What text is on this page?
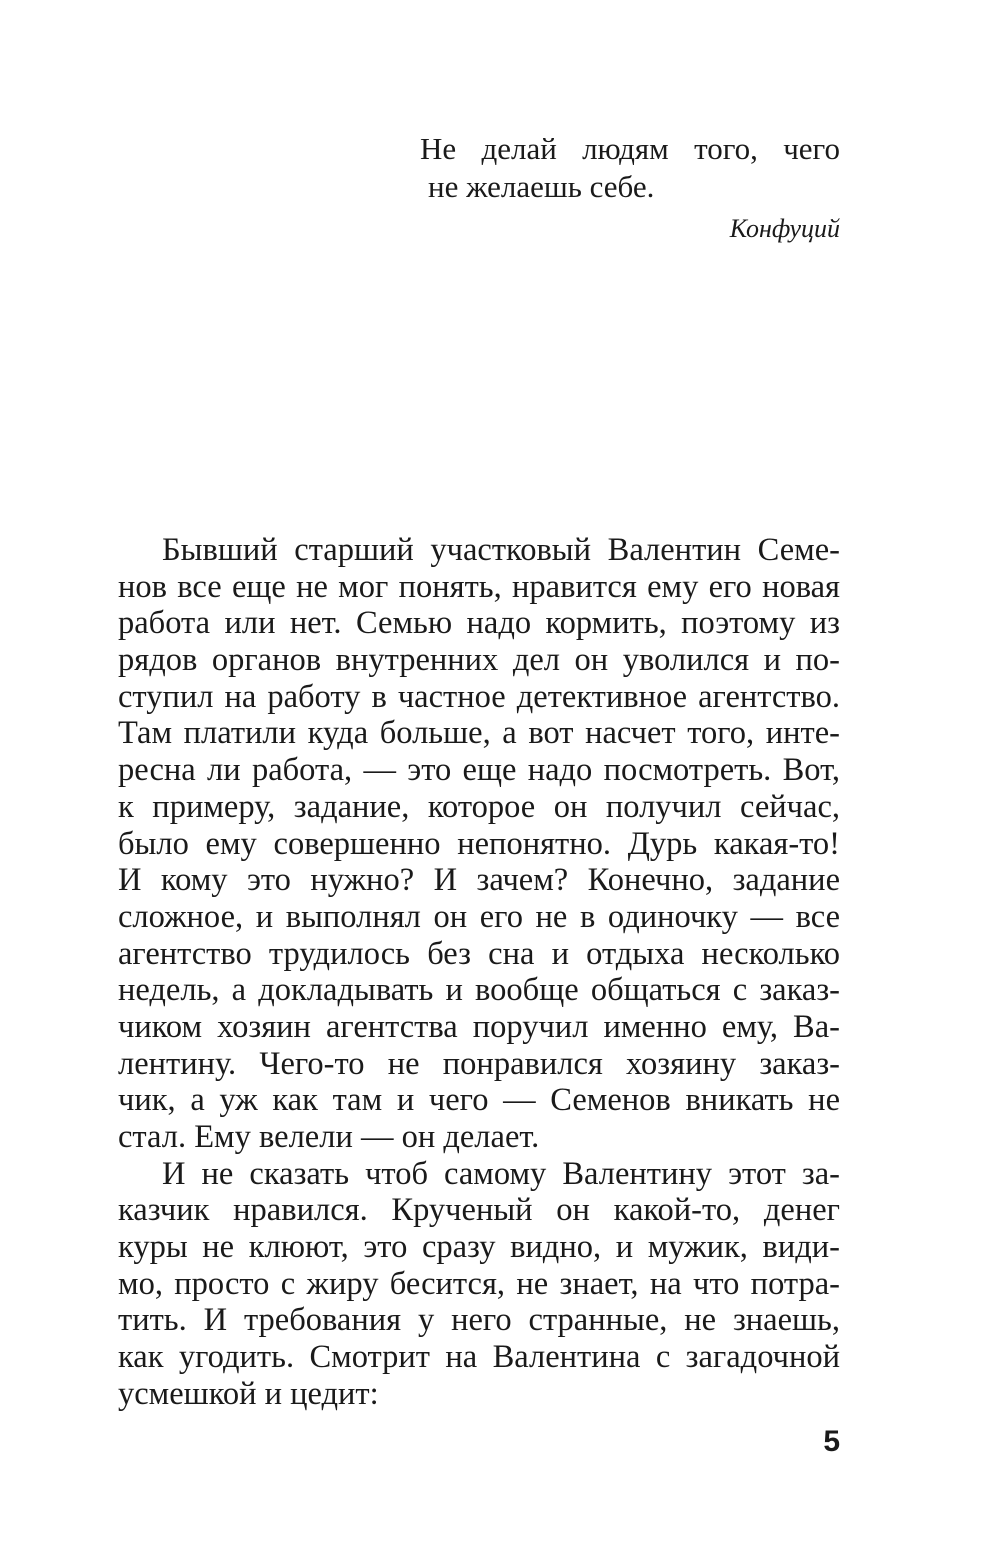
Не делай людям того, чего
не желаешь себе.
Конфуций
Бывший старший участковый Валентин Семе-
нов все еще не мог понять, нравится ему его новая
работа или нет. Семью надо кормить, поэтому из
рядов органов внутренних дел он уволился и по-
ступил на работу в частное детективное агентство.
Там платили куда больше, а вот насчет того, инте-
ресна ли работа, — это еще надо посмотреть. Вот,
к примеру, задание, которое он получил сейчас,
было ему совершенно непонятно. Дурь какая-то!
И кому это нужно? И зачем? Конечно, задание
сложное, и выполнял он его не в одиночку — все
агентство трудилось без сна и отдыха несколько
недель, а докладывать и вообще общаться с заказ-
чиком хозяин агентства поручил именно ему, Ва-
лентину. Чего-то не понравился хозяину заказ-
чик, а уж как там и чего — Семенов вникать не
стал. Ему велели — он делает.
И не сказать чтоб самому Валентину этот за-
казчик нравился. Крученый он какой-то, денег
куры не клюют, это сразу видно, и мужик, види-
мо, просто с жиру бесится, не знает, на что потра-
тить. И требования у него странные, не знаешь,
как угодить. Смотрит на Валентина с загадочной
усмешкой и цедит:
5
